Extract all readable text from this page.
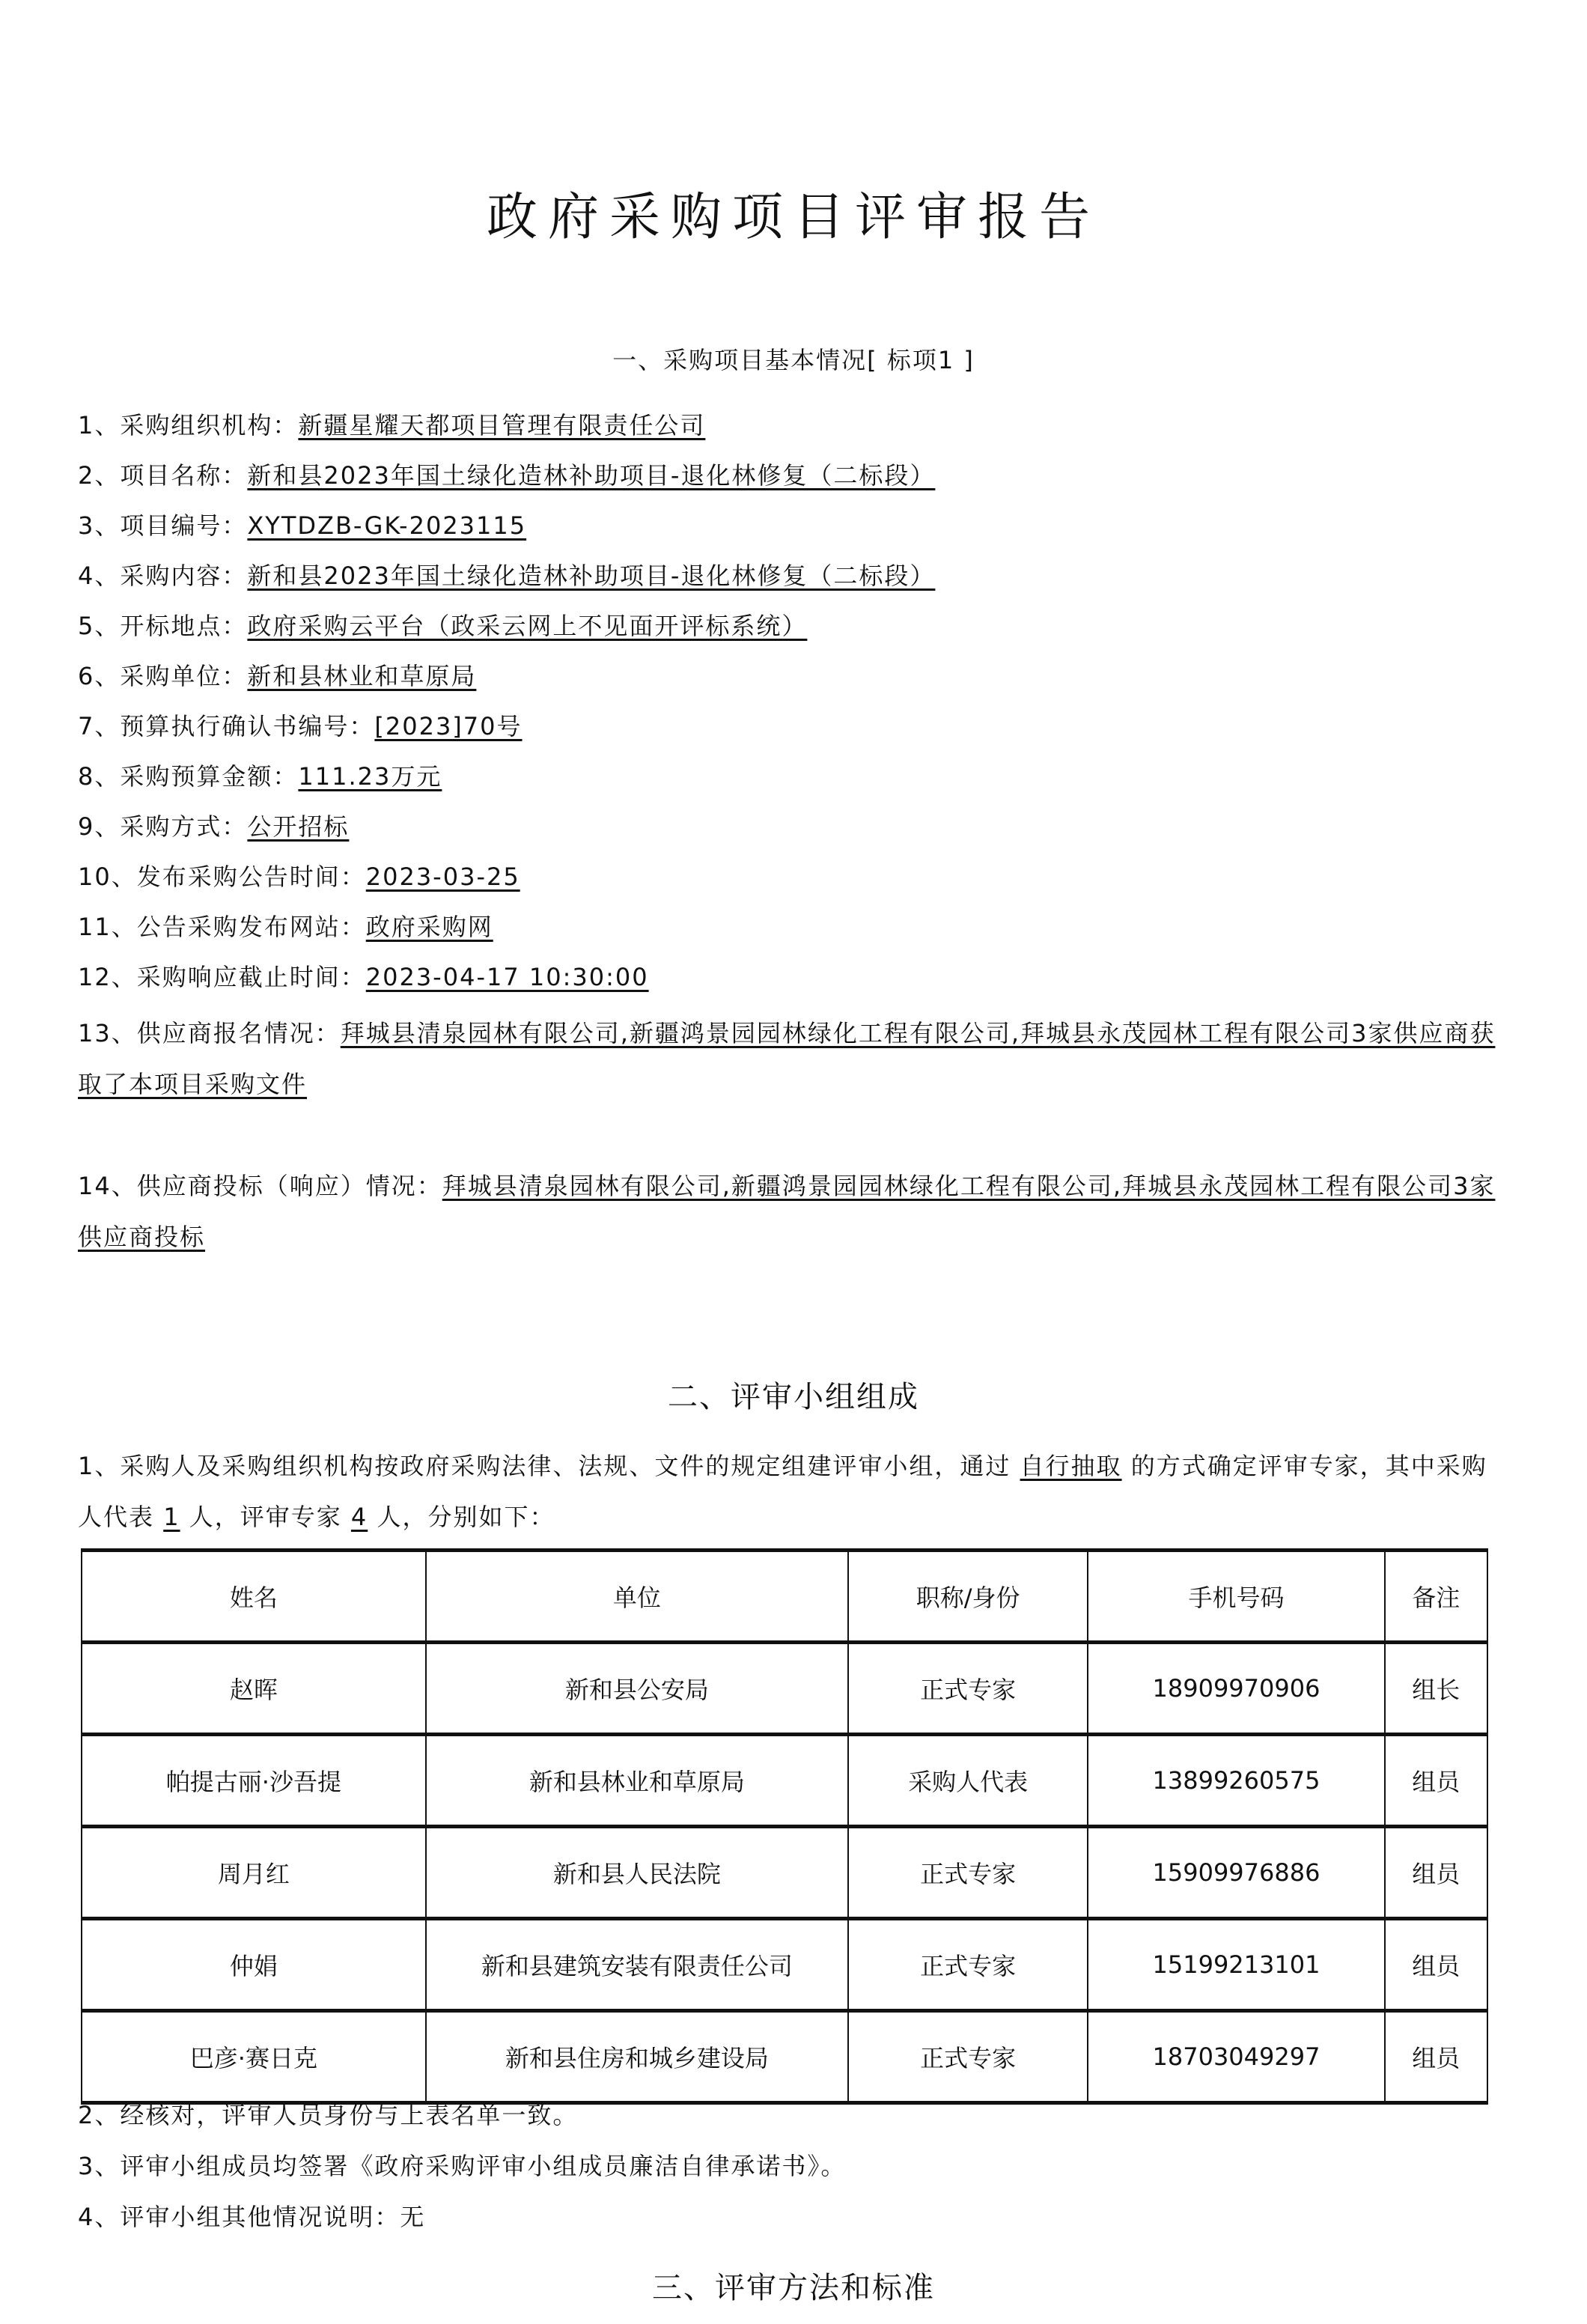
政府采购项目评审报告
一、采购项目基本情况[ 标项1 ]
1、采购组织机构：新疆星耀天都项目管理有限责任公司
2、项目名称：新和县2023年国土绿化造林补助项目-退化林修复（二标段）
3、项目编号：XYTDZB-GK-2023115
4、采购内容：新和县2023年国土绿化造林补助项目-退化林修复（二标段）
5、开标地点：政府采购云平台（政采云网上不见面开评标系统）
6、采购单位：新和县林业和草原局
7、预算执行确认书编号：[2023]70号
8、采购预算金额：111.23万元
9、采购方式：公开招标
10、发布采购公告时间：2023-03-25
11、公告采购发布网站：政府采购网
12、采购响应截止时间：2023-04-17 10:30:00
13、供应商报名情况：拜城县清泉园林有限公司,新疆鸿景园园林绿化工程有限公司,拜城县永茂园林工程有限公司3家供应商获取了本项目采购文件
14、供应商投标（响应）情况：拜城县清泉园林有限公司,新疆鸿景园园林绿化工程有限公司,拜城县永茂园林工程有限公司3家供应商投标
二、评审小组组成
1、采购人及采购组织机构按政府采购法律、法规、文件的规定组建评审小组，通过 自行抽取 的方式确定评审专家，其中采购人代表 1 人，评审专家 4 人，分别如下：
姓名	单位	职称/身份	手机号码	备注
赵晖	新和县公安局	正式专家	18909970906	组长
帕提古丽·沙吾提	新和县林业和草原局	采购人代表	13899260575	组员
周月红	新和县人民法院	正式专家	15909976886	组员
仲娟	新和县建筑安装有限责任公司	正式专家	15199213101	组员
巴彦·赛日克	新和县住房和城乡建设局	正式专家	18703049297	组员
2、经核对，评审人员身份与上表名单一致。
3、评审小组成员均签署《政府采购评审小组成员廉洁自律承诺书》。
4、评审小组其他情况说明：无
三、评审方法和标准
